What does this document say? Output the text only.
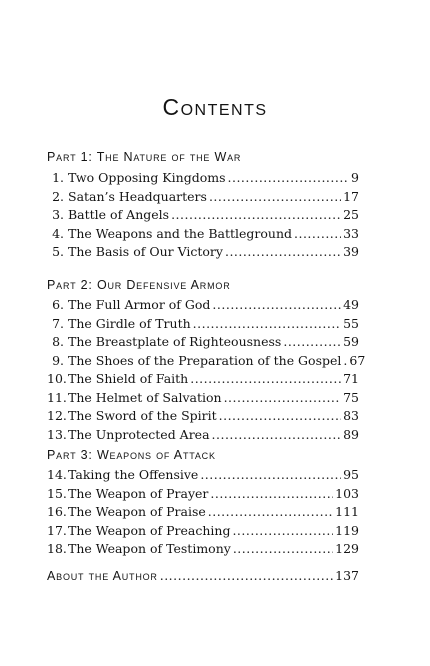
Contents
Part 1: The Nature of the War
1. Two Opposing Kingdoms .....	9
2. Satan’s Headquarters .....	17
3. Battle of Angels .....	25
4. The Weapons and the Battleground .....	33
5. The Basis of Our Victory .....	39
Part 2: Our Defensive Armor
6. The Full Armor of God .....	49
7. The Girdle of Truth .....	55
8. The Breastplate of Righteousness .....	59
9. The Shoes of the Preparation of the Gospel ..... 67
10. The Shield of Faith .....	71
11. The Helmet of Salvation .....	75
12. The Sword of the Spirit .....	83
13. The Unprotected Area .....	89
Part 3: Weapons of Attack
14. Taking the Offensive .....	95
15. The Weapon of Prayer .....	103
16. The Weapon of Praise .....	111
17. The Weapon of Preaching .....	119
18. The Weapon of Testimony .....	129
About the Author .....	137
